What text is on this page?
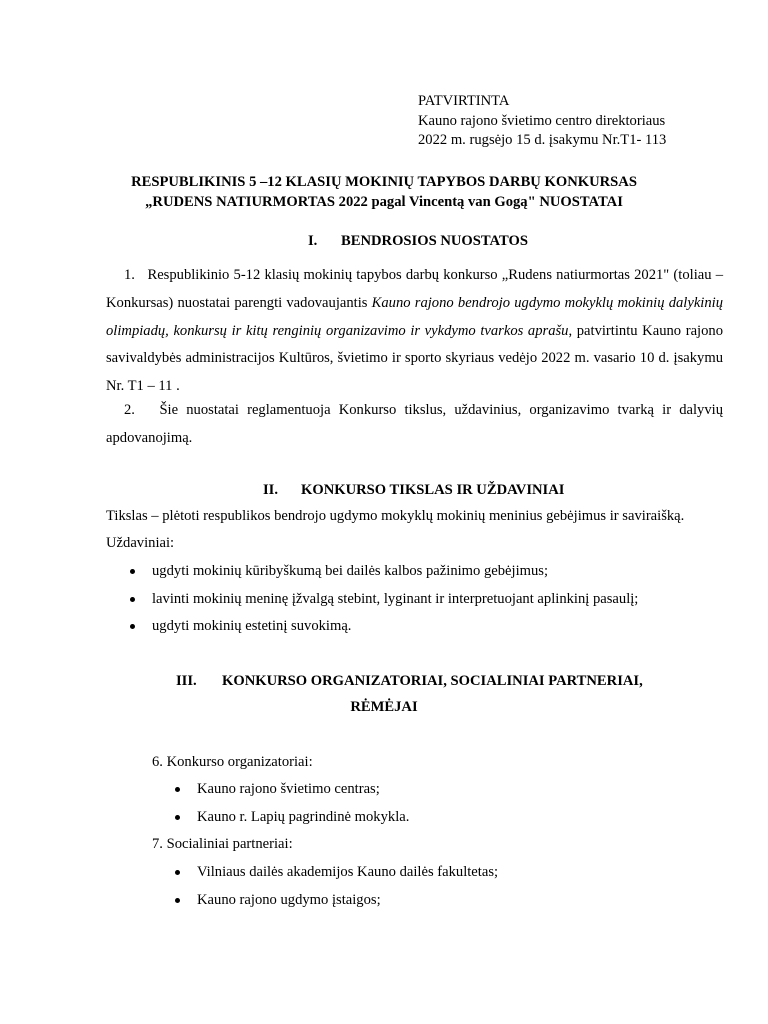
PATVIRTINTA
Kauno rajono švietimo centro direktoriaus
2022 m. rugsėjo 15 d. įsakymu Nr.T1- 113
RESPUBLIKINIS 5 –12 KLASIŲ MOKINIŲ TAPYBOS DARBŲ KONKURSAS
„RUDENS NATIURMORTAS 2022 pagal Vincentą van Gogą" NUOSTATAI
I. BENDROSIOS NUOSTATOS
1. Respublikinio 5-12 klasių mokinių tapybos darbų konkurso „Rudens natiurmortas 2021" (toliau – Konkursas) nuostatai parengti vadovaujantis Kauno rajono bendrojo ugdymo mokyklų mokinių dalykinių olimpiadų, konkursų ir kitų renginių organizavimo ir vykdymo tvarkos aprašu, patvirtintu Kauno rajono savivaldybės administracijos Kultūros, švietimo ir sporto skyriaus vedėjo 2022 m. vasario 10 d. įsakymu Nr. T1 – 11 .
2. Šie nuostatai reglamentuoja Konkurso tikslus, uždavinius, organizavimo tvarką ir dalyvių apdovanojimą.
II. KONKURSO TIKSLAS IR UŽDAVINIAI
Tikslas – plėtoti respublikos bendrojo ugdymo mokyklų mokinių meninius gebėjimus ir saviraišką.
Uždaviniai:
ugdyti mokinių kūribyškumą bei dailės kalbos pažinimo gebėjimus;
lavinti mokinių meninę įžvalgą stebint, lyginant ir interpretuojant aplinkinį pasaulį;
ugdyti mokinių estetinį suvokimą.
III. KONKURSO ORGANIZATORIAI, SOCIALINIAI PARTNERIAI,
RĖMĖJAI
6. Konkurso organizatoriai:
Kauno rajono švietimo centras;
Kauno r. Lapių pagrindinė mokykla.
7. Socialiniai partneriai:
Vilniaus dailės akademijos Kauno dailės fakultetas;
Kauno rajono ugdymo įstaigos;
